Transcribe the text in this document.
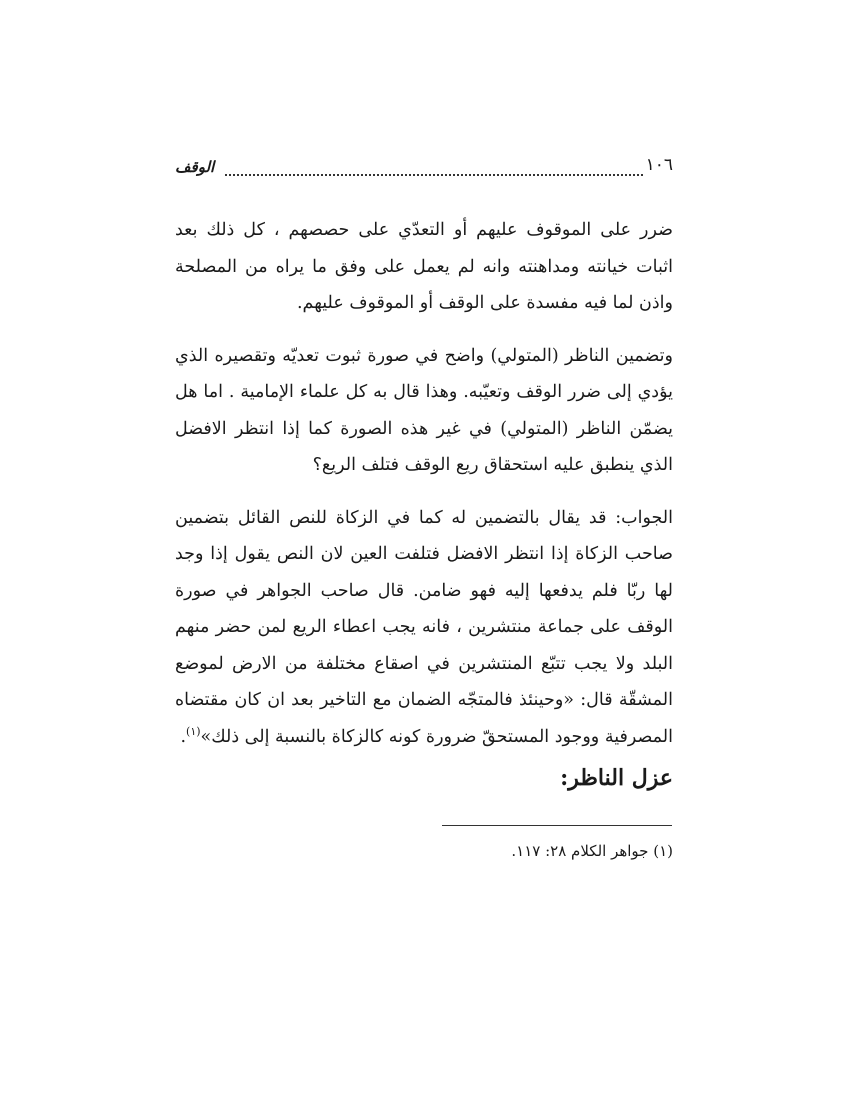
١٠٦
الوقف

ضرر على الموقوف عليهم أو التعدّي على حصصهم ، كل ذلك بعد اثبات خيانته ومداهنته وانه لم يعمل على وفق ما يراه من المصلحة واذن لما فيه مفسدة على الوقف أو الموقوف عليهم.

وتضمين الناظر (المتولي) واضح في صورة ثبوت تعديّه وتقصيره الذي يؤدي إلى ضرر الوقف وتعيّبه. وهذا قال به كل علماء الإمامية . اما هل يضمّن الناظر (المتولي) في غير هذه الصورة كما إذا انتظر الافضل الذي ينطبق عليه استحقاق ريع الوقف فتلف الريع؟

الجواب: قد يقال بالتضمين له كما في الزكاة للنص القائل بتضمين صاحب الزكاة إذا انتظر الافضل فتلفت العين لان النص يقول إذا وجد لها ربّا فلم يدفعها إليه فهو ضامن. قال صاحب الجواهر في صورة الوقف على جماعة منتشرين ، فانه يجب اعطاء الريع لمن حضر منهم البلد ولا يجب تتبّع المنتشرين في اصقاع مختلفة من الارض لموضع المشقّة قال: «وحينئذ فالمتجّه الضمان مع التاخير بعد ان كان مقتضاه المصرفية ووجود المستحقّ ضرورة كونه كالزكاة بالنسبة إلى ذلك»$^{(١)}$.

عزل الناظر:
(١) جواهر الكلام ٢٨: ١١٧.
